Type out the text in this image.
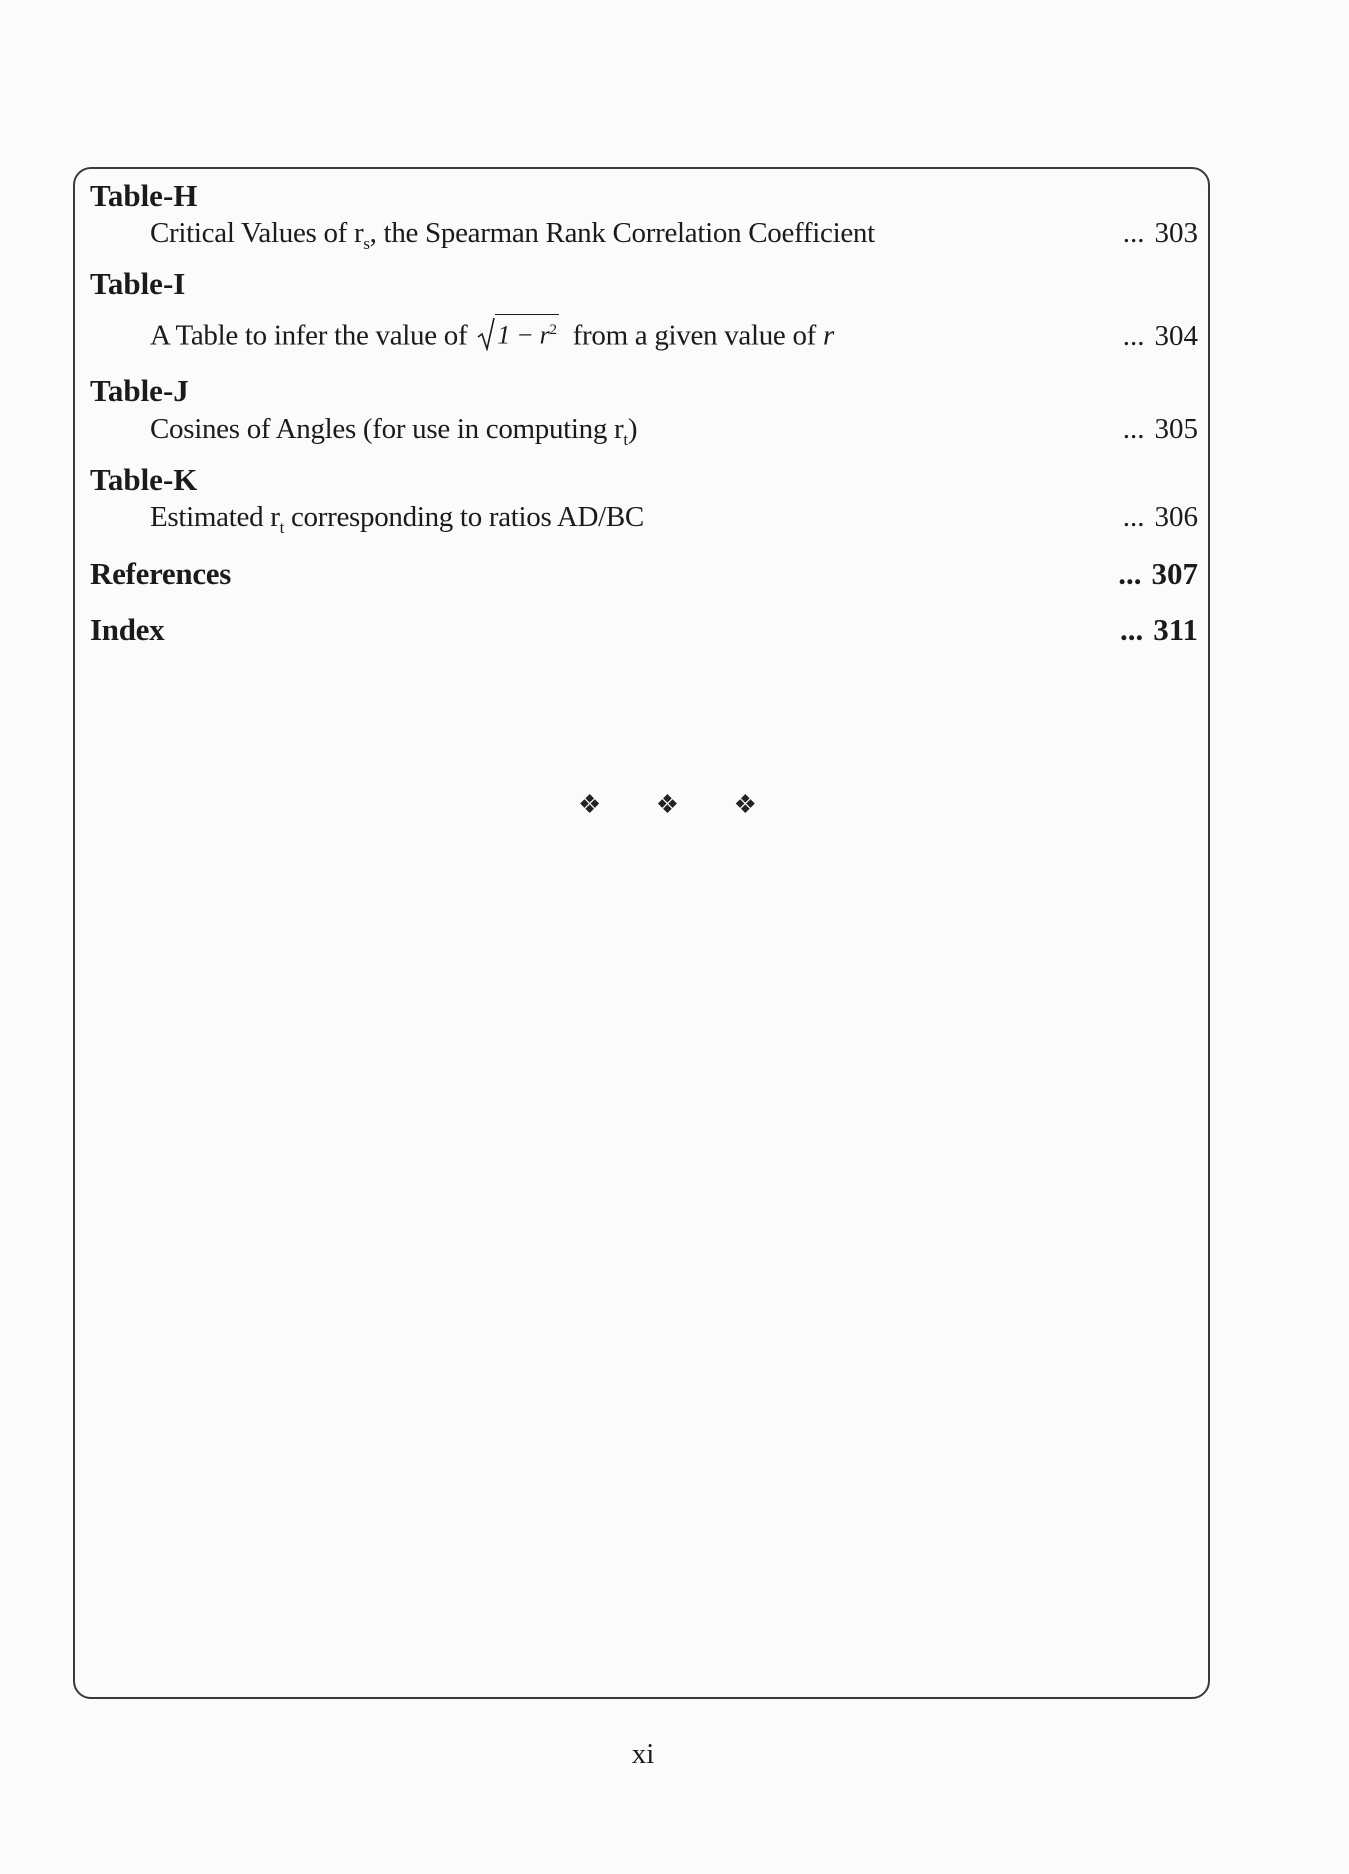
Table-H
Critical Values of $r_s$, the Spearman Rank Correlation Coefficient	... 303
Table-I
A Table to infer the value of $1 - r^2$ from a given value of r	... 304
Table-J
Cosines of Angles (for use in computing $r_t$)	... 305
Table-K
Estimated $r_t$ corresponding to ratios AD/BC	... 306
References	... 307
Index	... 311
❖ ❖ ❖
xi
